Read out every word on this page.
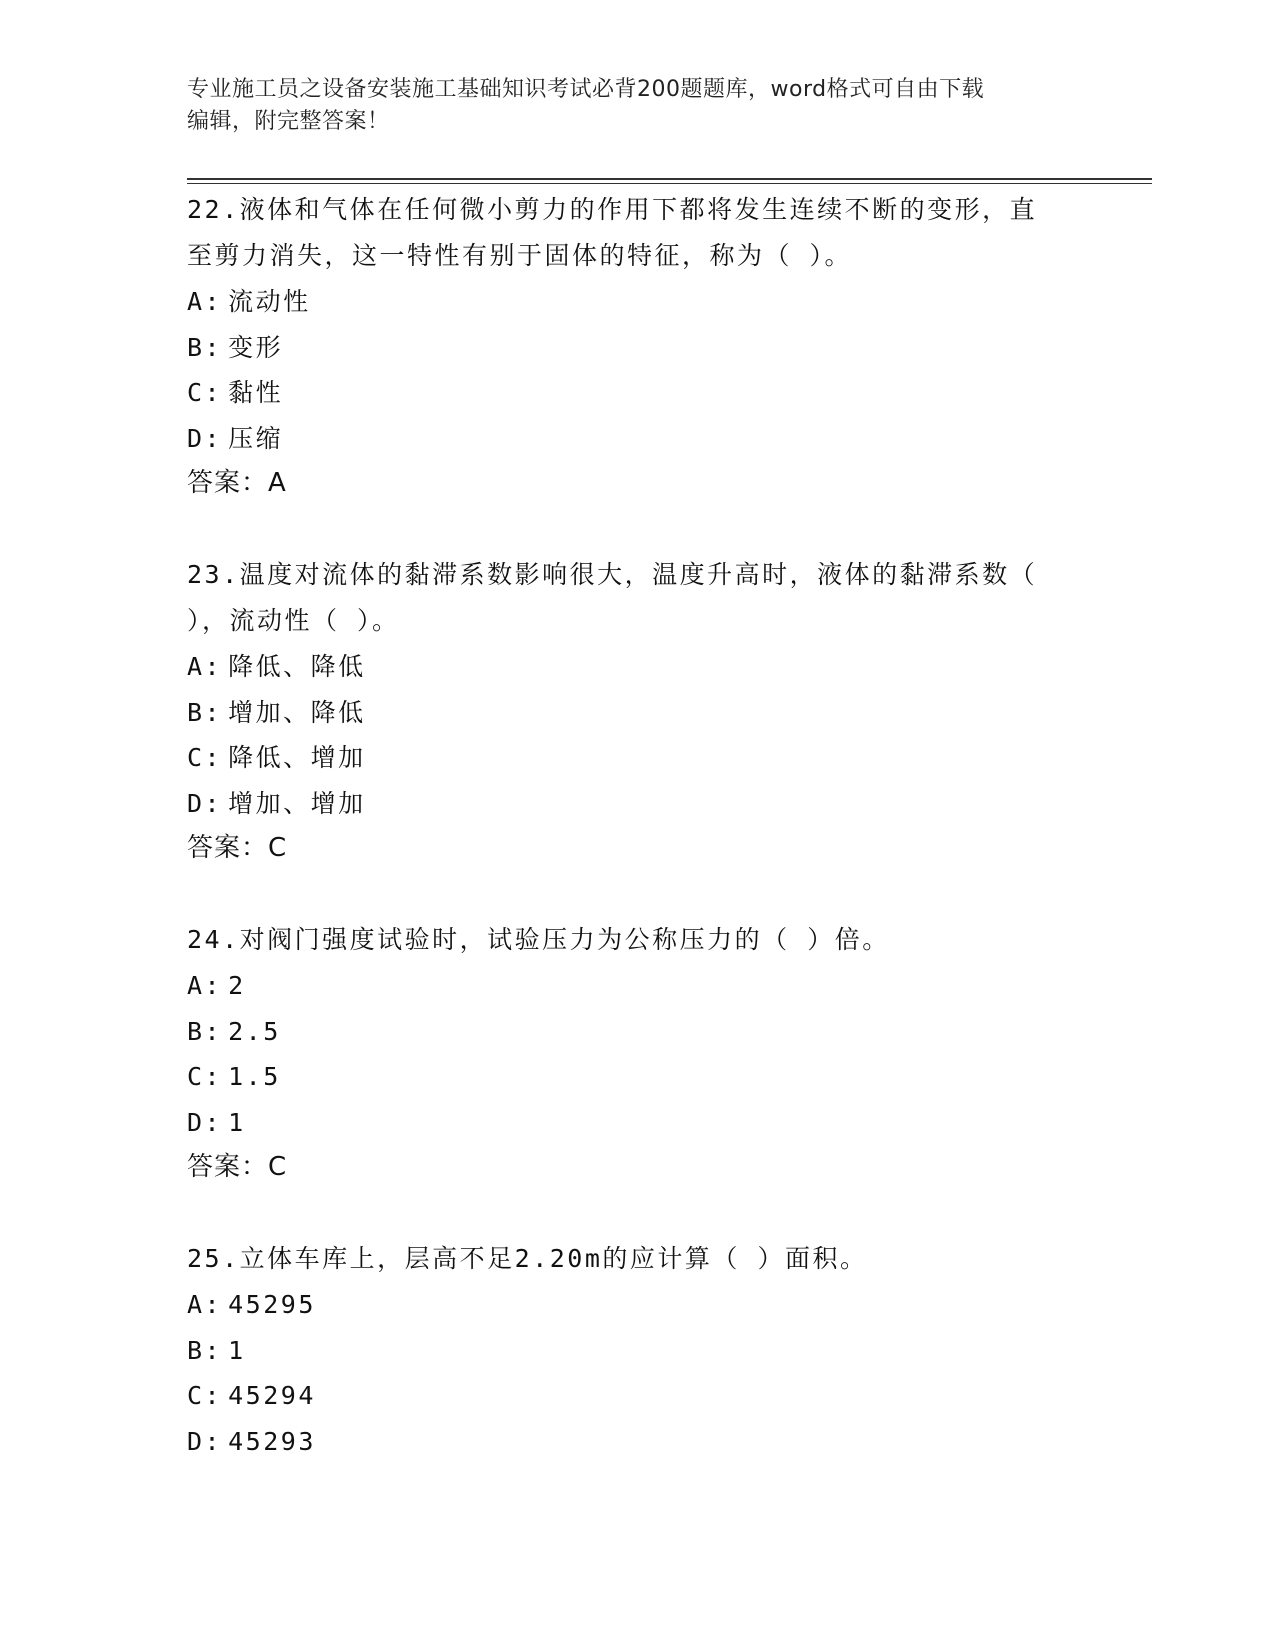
专业施工员之设备安装施工基础知识考试必背200题题库，word格式可自由下载
编辑，附完整答案！
22.液体和气体在任何微小剪力的作用下都将发生连续不断的变形，直
至剪力消失，这一特性有别于固体的特征，称为（ ）。
A: 流动性
B: 变形
C: 黏性
D: 压缩
答案：A
23.温度对流体的黏滞系数影响很大，温度升高时，液体的黏滞系数（
），流动性（ ）。
A: 降低、降低
B: 增加、降低
C: 降低、增加
D: 增加、增加
答案：C
24.对阀门强度试验时，试验压力为公称压力的（ ）倍。
A: 2
B: 2.5
C: 1.5
D: 1
答案：C
25.立体车库上，层高不足2.20m的应计算（ ）面积。
A: 45295
B: 1
C: 45294
D: 45293
